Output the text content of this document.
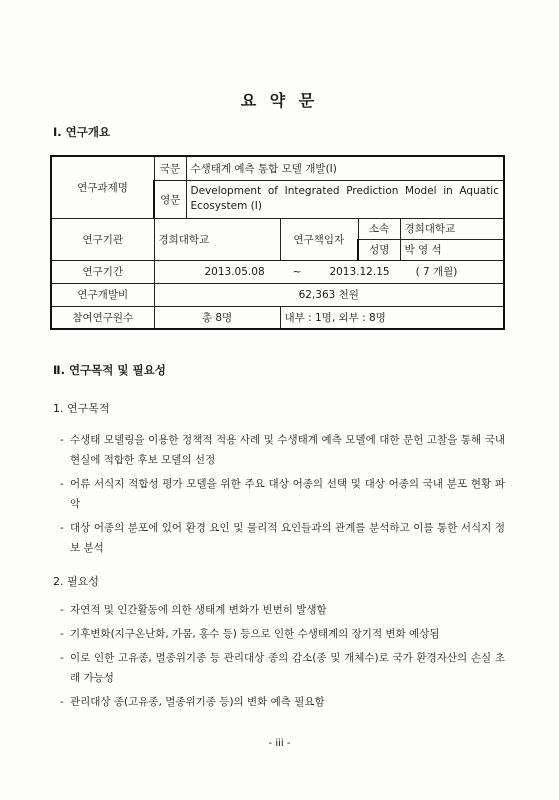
요 약 문
Ⅰ. 연구개요
연구과제명	국문	수생태계 예측 통합 모델 개발(I)			
	영문	Development of Integrated Prediction Model in Aquatic Ecosystem (I)			
연구기관	경희대학교		연구책임자	소속	경희대학교
				성명	박 영 석
연구기간	2013.05.08 ~ 2013.12.15 ( 7 개월)				
연구개발비	62,363 천원				
참여연구원수	총 8명		내부 : 1명, 외부 : 8명		
Ⅱ. 연구목적 및 필요성
1. 연구목적
- 수생태 모델링을 이용한 정책적 적용 사례 및 수생태계 예측 모델에 대한 문헌 고찰을 통해 국내 현실에 적합한 후보 모델의 선정
- 어류 서식지 적합성 평가 모델을 위한 주요 대상 어종의 선택 및 대상 어종의 국내 분포 현황 파악
- 대상 어종의 분포에 있어 환경 요인 및 물리적 요인들과의 관계를 분석하고 이를 통한 서식지 정보 분석
2. 필요성
- 자연적 및 인간활동에 의한 생태계 변화가 빈번히 발생함
- 기후변화(지구온난화, 가뭄, 홍수 등) 등으로 인한 수생태계의 장기적 변화 예상됨
- 이로 인한 고유종, 멸종위기종 등 관리대상 종의 감소(종 및 개체수)로 국가 환경자산의 손실 초래 가능성
- 관리대상 종(고유종, 멸종위기종 등)의 변화 예측 필요함
- iii -
